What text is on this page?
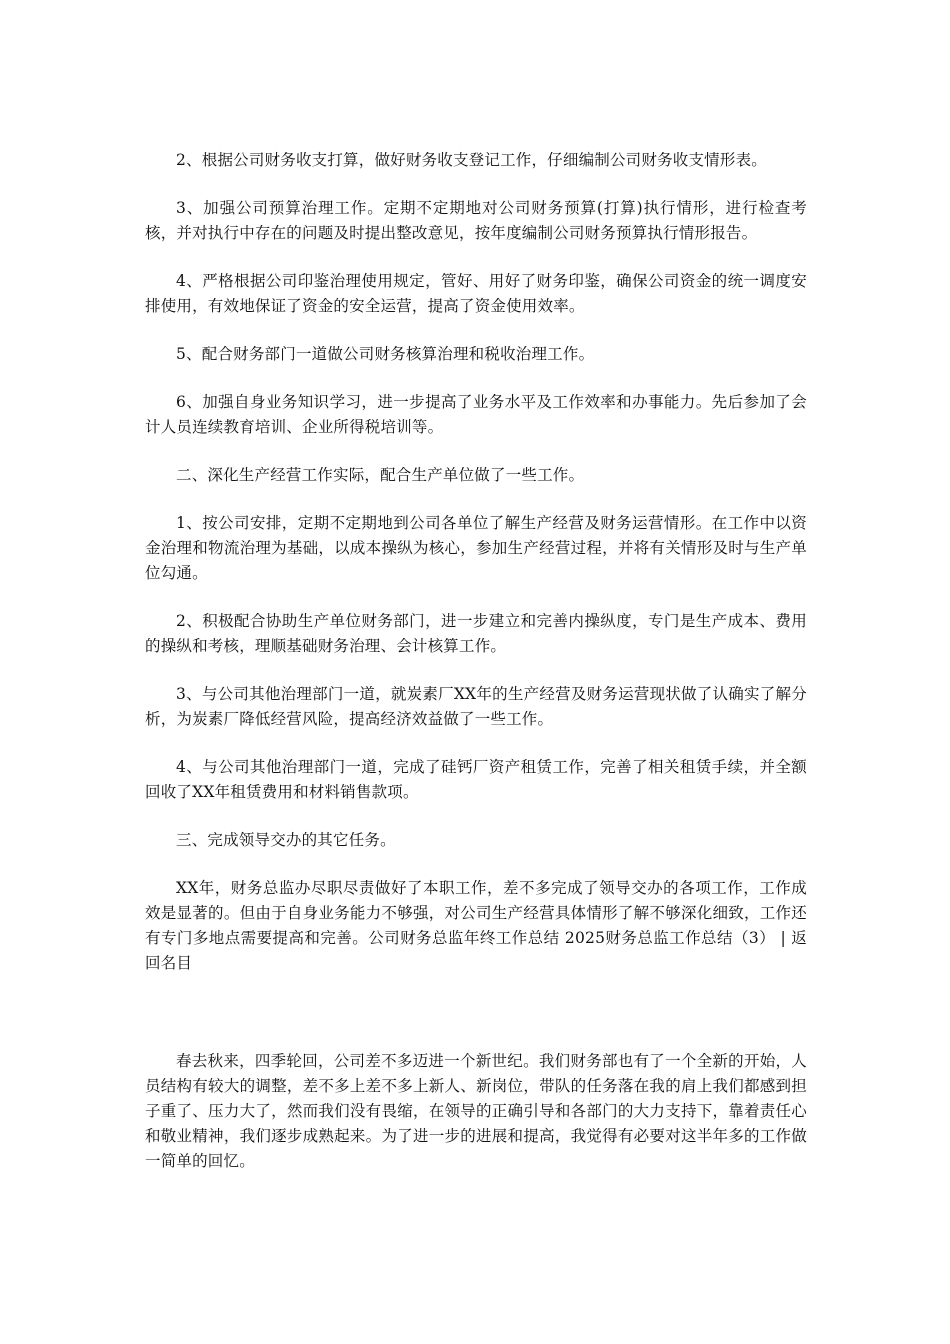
2、根据公司财务收支打算，做好财务收支登记工作，仔细编制公司财务收支情形表。

3、加强公司预算治理工作。定期不定期地对公司财务预算(打算)执行情形，进行检查考核，并对执行中存在的问题及时提出整改意见，按年度编制公司财务预算执行情形报告。

4、严格根据公司印鉴治理使用规定，管好、用好了财务印鉴，确保公司资金的统一调度安排使用，有效地保证了资金的安全运营，提高了资金使用效率。

5、配合财务部门一道做公司财务核算治理和税收治理工作。

6、加强自身业务知识学习，进一步提高了业务水平及工作效率和办事能力。先后参加了会计人员连续教育培训、企业所得税培训等。

二、深化生产经营工作实际，配合生产单位做了一些工作。

1、按公司安排，定期不定期地到公司各单位了解生产经营及财务运营情形。在工作中以资金治理和物流治理为基础，以成本操纵为核心，参加生产经营过程，并将有关情形及时与生产单位勾通。

2、积极配合协助生产单位财务部门，进一步建立和完善内操纵度，专门是生产成本、费用的操纵和考核，理顺基础财务治理、会计核算工作。

3、与公司其他治理部门一道，就炭素厂XX年的生产经营及财务运营现状做了认确实了解分析，为炭素厂降低经营风险，提高经济效益做了一些工作。

4、与公司其他治理部门一道，完成了硅钙厂资产租赁工作，完善了相关租赁手续，并全额回收了XX年租赁费用和材料销售款项。

三、完成领导交办的其它任务。

XX年，财务总监办尽职尽责做好了本职工作，差不多完成了领导交办的各项工作，工作成效是显著的。但由于自身业务能力不够强，对公司生产经营具体情形了解不够深化细致，工作还有专门多地点需要提高和完善。公司财务总监年终工作总结 2025财务总监工作总结（3） | 返回名目

春去秋来，四季轮回，公司差不多迈进一个新世纪。我们财务部也有了一个全新的开始，人员结构有较大的调整，差不多上差不多上新人、新岗位，带队的任务落在我的肩上我们都感到担子重了、压力大了，然而我们没有畏缩，在领导的正确引导和各部门的大力支持下，靠着责任心和敬业精神，我们逐步成熟起来。为了进一步的进展和提高，我觉得有必要对这半年多的工作做一简单的回忆。
